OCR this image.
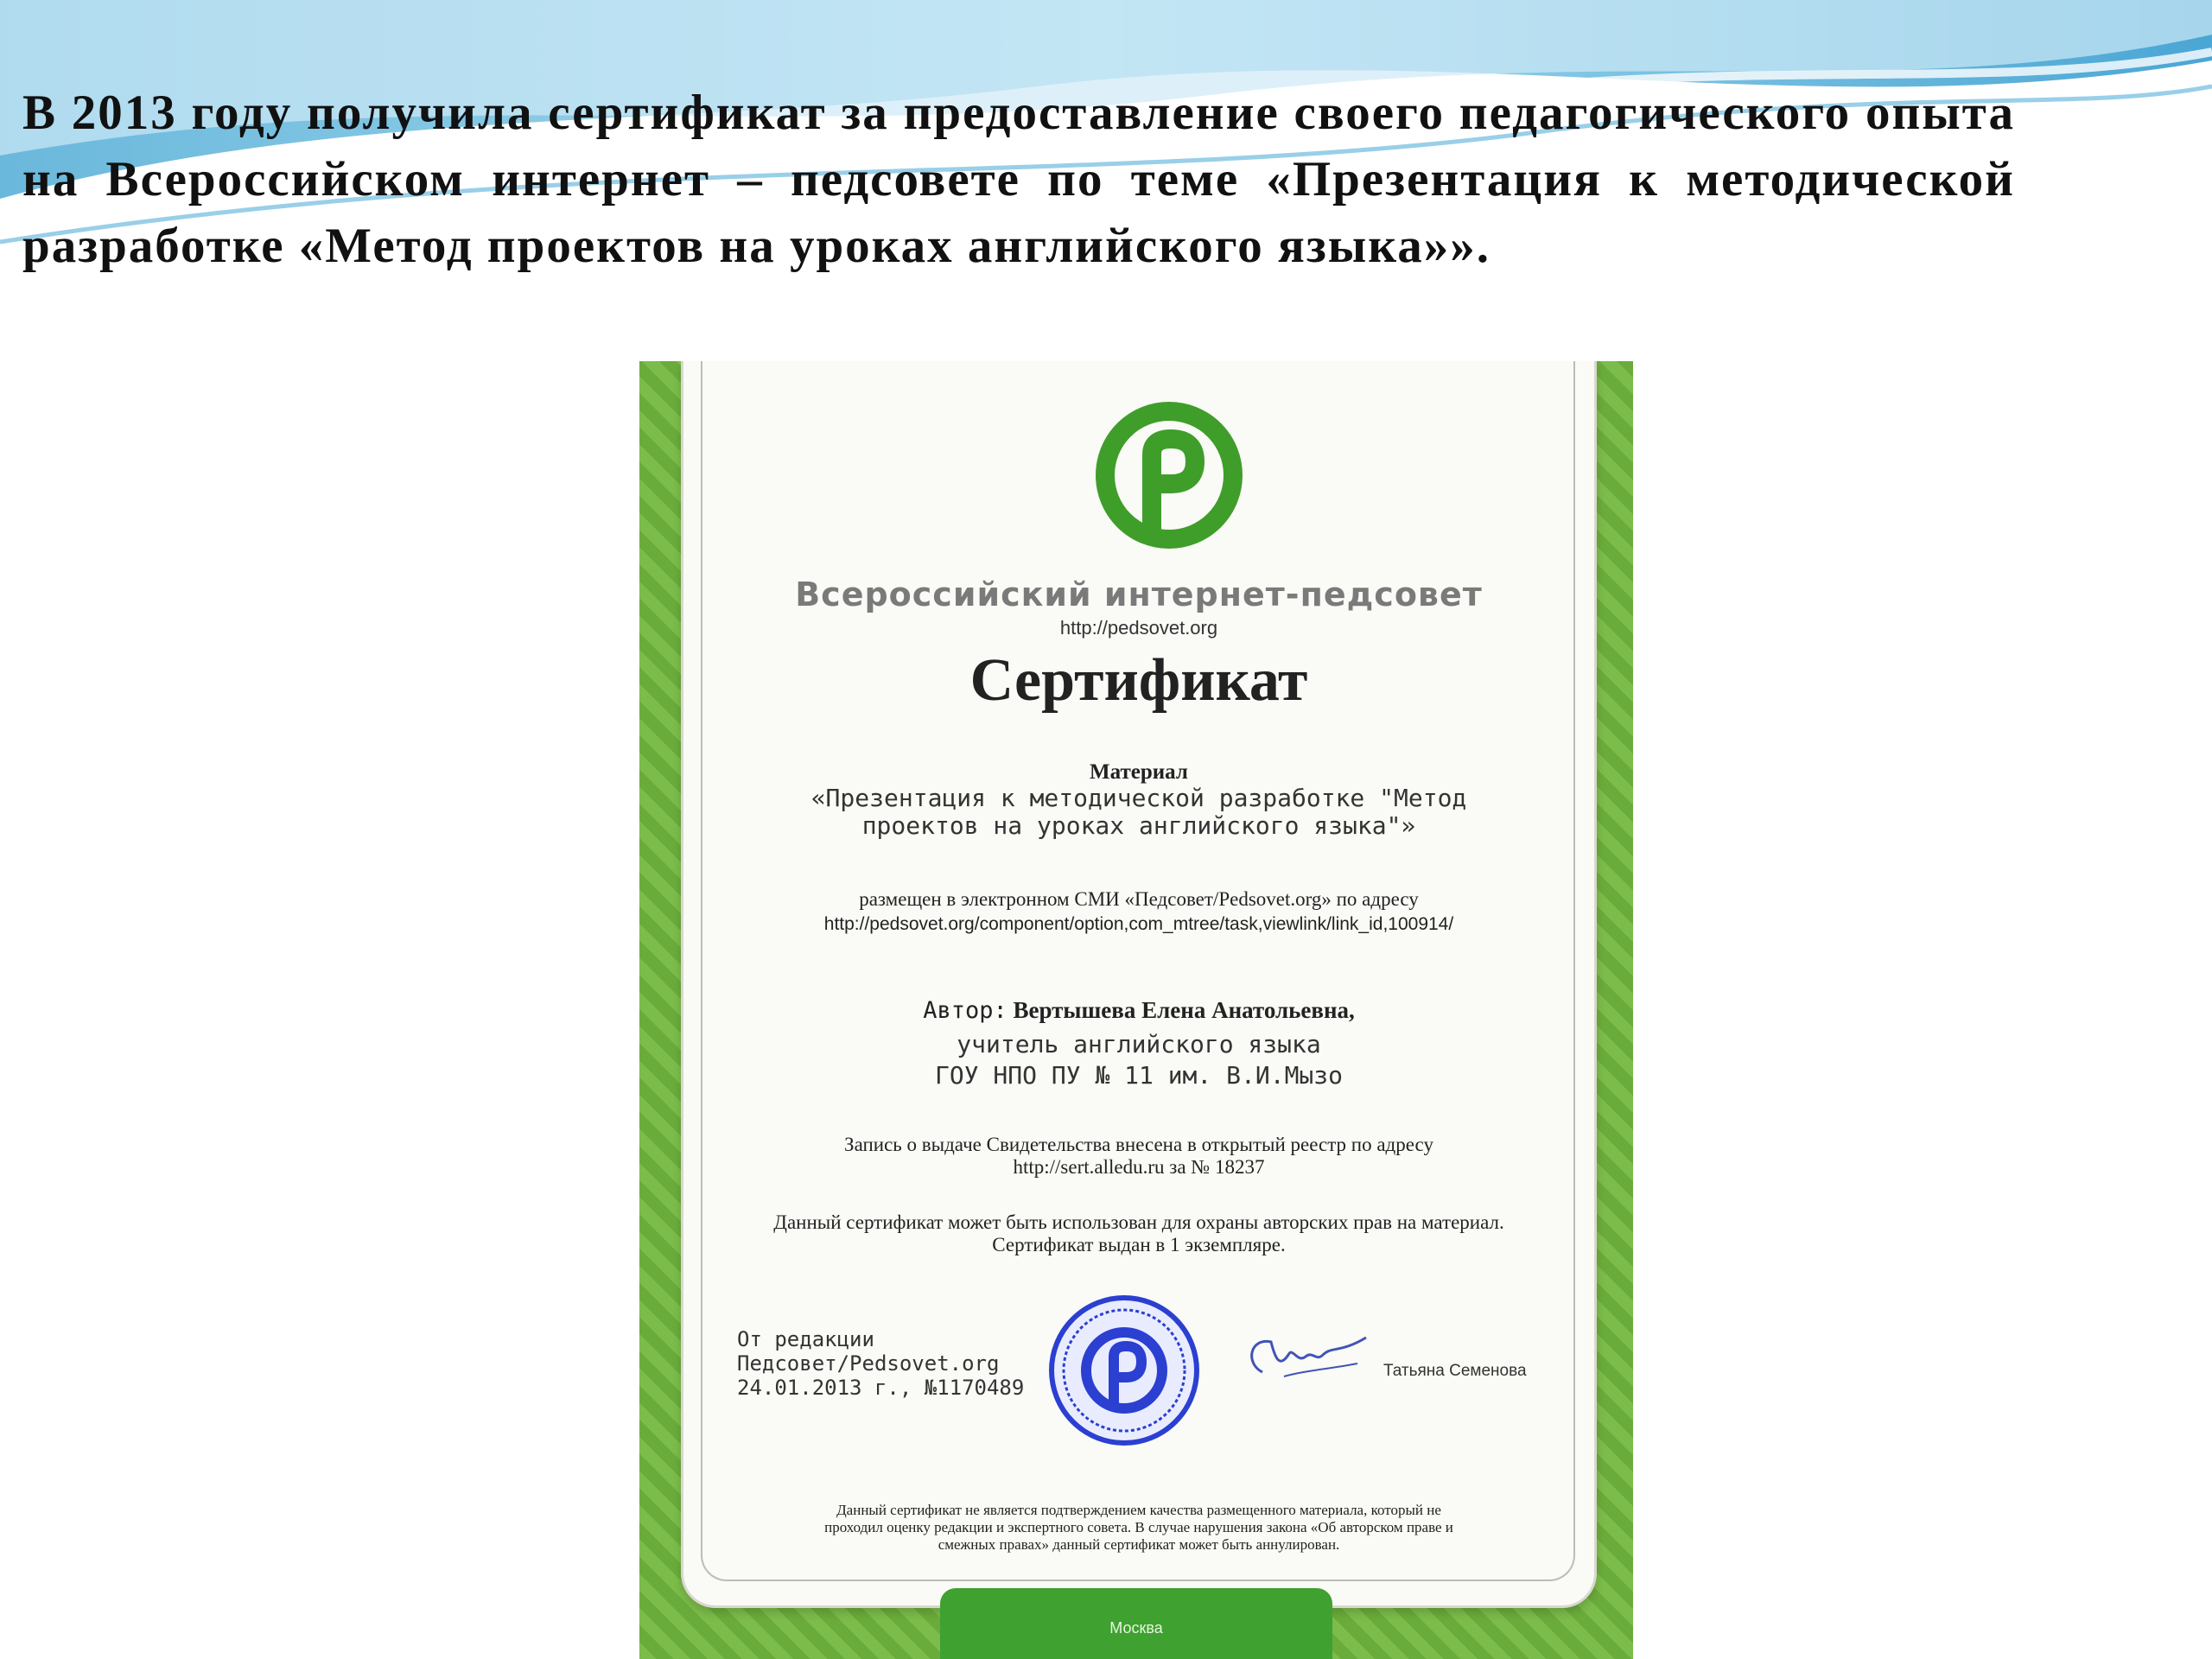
В 2013 году получила сертификат за предоставление своего педагогического опыта на Всероссийском интернет – педсовете по теме «Презентация к методической разработке «Метод проектов на уроках английского языка»».

Всероссийский интернет-педсовет
http://pedsovet.org
Сертификат
Материал
«Презентация к методической разработке "Метод проектов на уроках английского языка"»
размещен в электронном СМИ «Педсовет/Pedsovet.org» по адресу
http://pedsovet.org/component/option,com_mtree/task,viewlink/link_id,100914/
Автор: Вертышева Елена Анатольевна,
учитель английского языка
ГОУ НПО ПУ № 11 им. В.И.Мызо
Запись о выдаче Свидетельства внесена в открытый реестр по адресу http://sert.alledu.ru за № 18237
Данный сертификат может быть использован для охраны авторских прав на материал.
Сертификат выдан в 1 экземпляре.
От редакции
Педсовет/Pedsovet.org
24.01.2013 г., №1170489
Татьяна Семенова
Данный сертификат не является подтверждением качества размещенного материала, который не проходил оценку редакции и экспертного совета. В случае нарушения закона «Об авторском праве и смежных правах» данный сертификат может быть аннулирован.
Москва
